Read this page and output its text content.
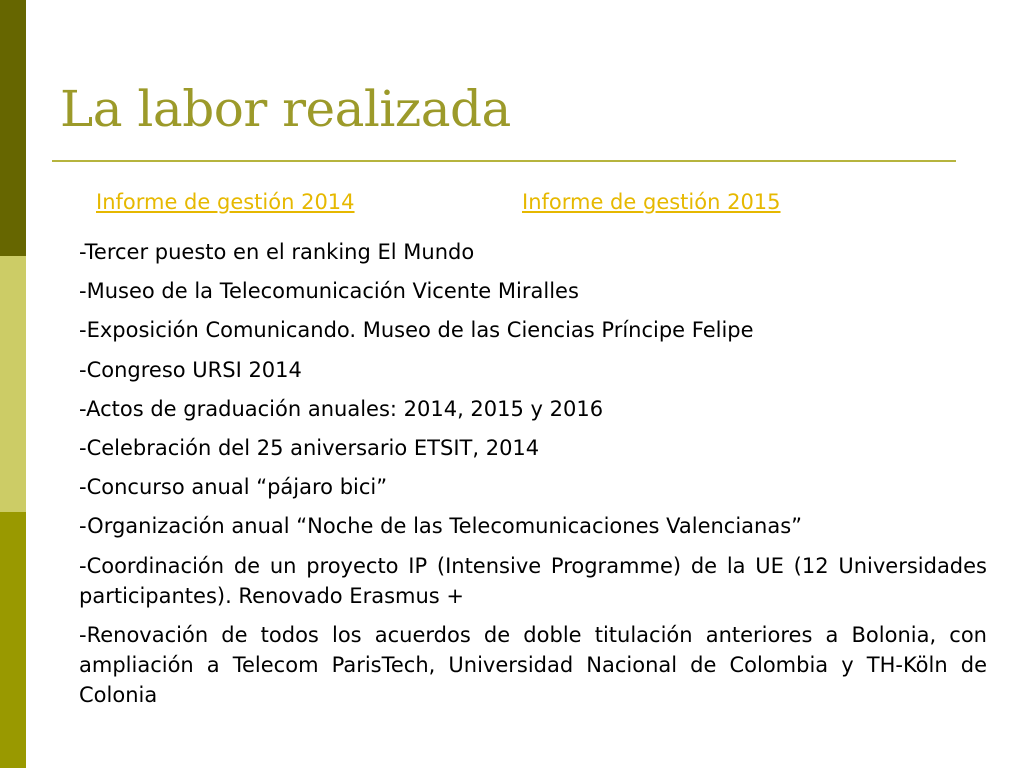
La labor realizada
Informe de gestión 2014	Informe de gestión 2015
-Tercer puesto en el ranking El Mundo
-Museo de la Telecomunicación Vicente Miralles
-Exposición Comunicando. Museo de las Ciencias Príncipe Felipe
-Congreso URSI 2014
-Actos de graduación anuales: 2014, 2015 y 2016
-Celebración del 25 aniversario ETSIT, 2014
-Concurso anual “pájaro bici”
-Organización anual “Noche de las Telecomunicaciones Valencianas”
-Coordinación de un proyecto IP (Intensive Programme) de la UE (12 Universidades participantes). Renovado Erasmus +
-Renovación de todos los acuerdos de doble titulación anteriores a Bolonia, con ampliación a Telecom ParisTech, Universidad Nacional de Colombia y TH-Köln de Colonia
